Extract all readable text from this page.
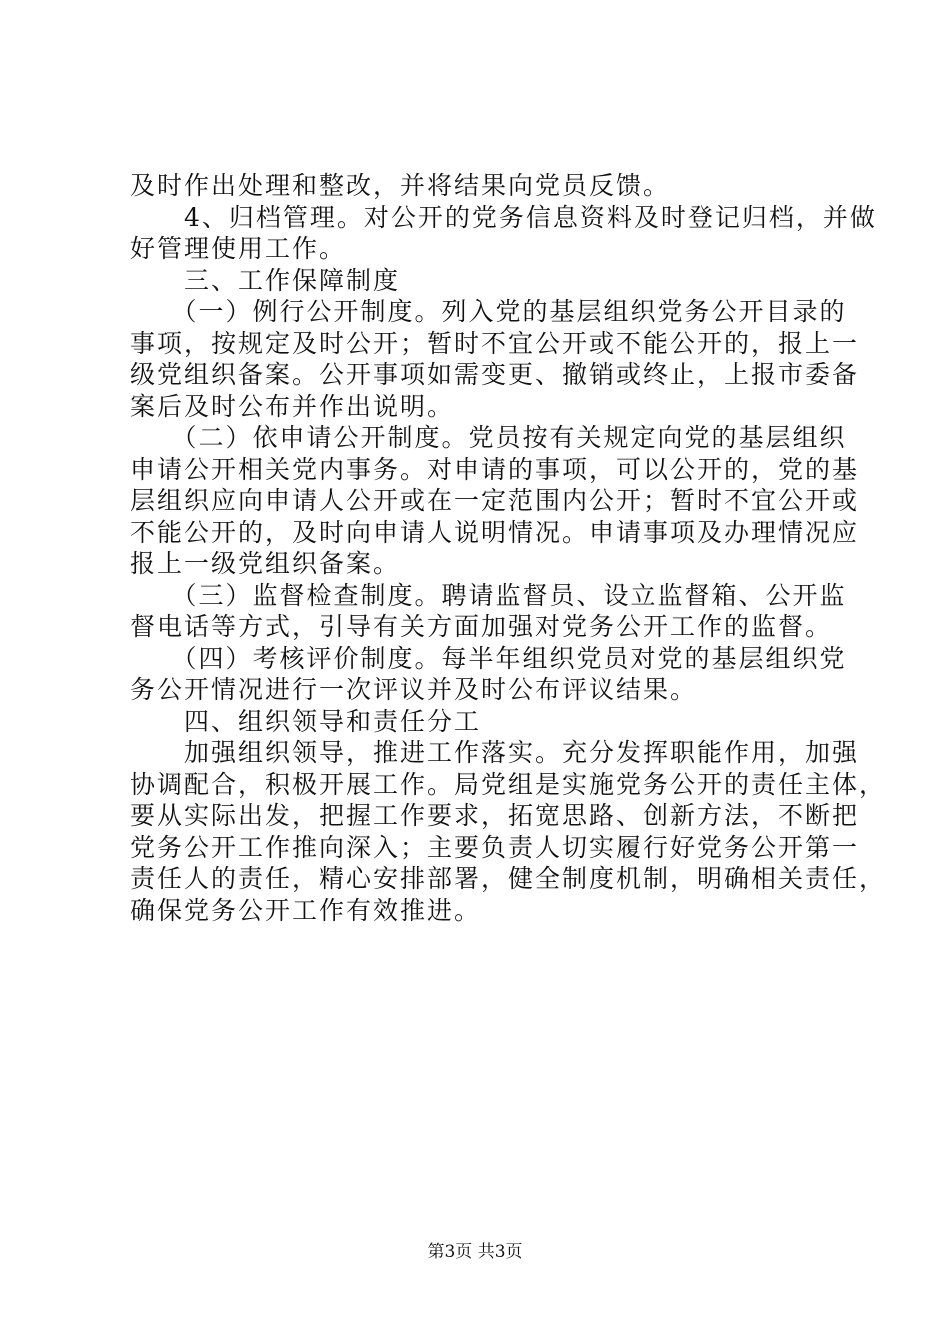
及时作出处理和整改，并将结果向党员反馈。
　　4、归档管理。对公开的党务信息资料及时登记归档，并做
好管理使用工作。
　　三、工作保障制度
　　（一）例行公开制度。列入党的基层组织党务公开目录的
事项，按规定及时公开；暂时不宜公开或不能公开的，报上一
级党组织备案。公开事项如需变更、撤销或终止，上报市委备
案后及时公布并作出说明。
　　（二）依申请公开制度。党员按有关规定向党的基层组织
申请公开相关党内事务。对申请的事项，可以公开的，党的基
层组织应向申请人公开或在一定范围内公开；暂时不宜公开或
不能公开的，及时向申请人说明情况。申请事项及办理情况应
报上一级党组织备案。
　　（三）监督检查制度。聘请监督员、设立监督箱、公开监
督电话等方式，引导有关方面加强对党务公开工作的监督。
　　（四）考核评价制度。每半年组织党员对党的基层组织党
务公开情况进行一次评议并及时公布评议结果。
　　四、组织领导和责任分工
　　加强组织领导，推进工作落实。充分发挥职能作用，加强
协调配合，积极开展工作。局党组是实施党务公开的责任主体，
要从实际出发，把握工作要求，拓宽思路、创新方法，不断把
党务公开工作推向深入；主要负责人切实履行好党务公开第一
责任人的责任，精心安排部署，健全制度机制，明确相关责任，
确保党务公开工作有效推进。
第3页 共3页
